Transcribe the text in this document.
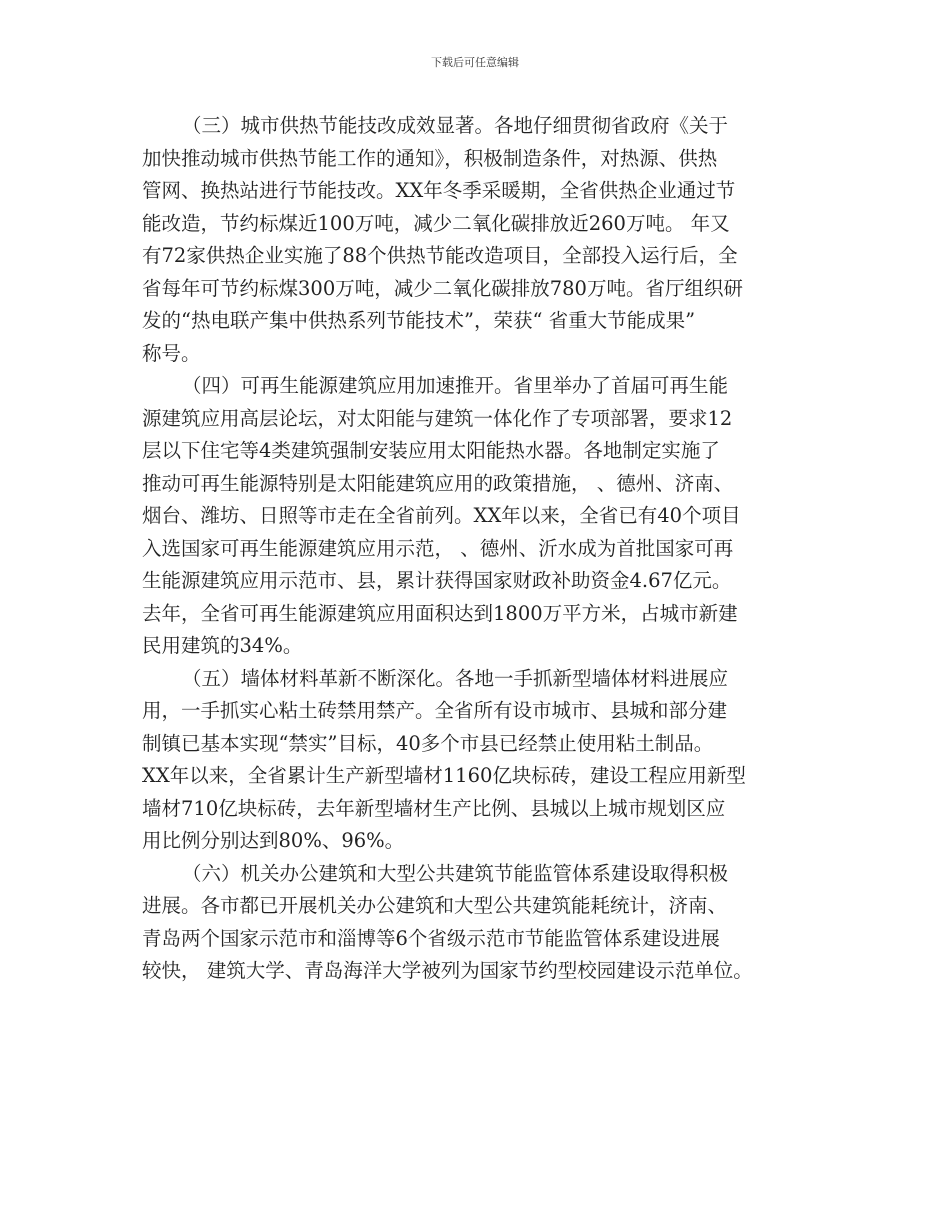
下载后可任意编辑
（三）城市供热节能技改成效显著。各地仔细贯彻省政府《关于
加快推动城市供热节能工作的通知》，积极制造条件，对热源、供热
管网、换热站进行节能技改。XX年冬季采暖期，全省供热企业通过节
能改造，节约标煤近100万吨，减少二氧化碳排放近260万吨。 年又
有72家供热企业实施了88个供热节能改造项目，全部投入运行后，全
省每年可节约标煤300万吨，减少二氧化碳排放780万吨。省厅组织研
发的“热电联产集中供热系列节能技术”，荣获“ 省重大节能成果”
称号。
（四）可再生能源建筑应用加速推开。省里举办了首届可再生能
源建筑应用高层论坛，对太阳能与建筑一体化作了专项部署，要求12
层以下住宅等4类建筑强制安装应用太阳能热水器。各地制定实施了
推动可再生能源特别是太阳能建筑应用的政策措施， 、德州、济南、
烟台、潍坊、日照等市走在全省前列。XX年以来，全省已有40个项目
入选国家可再生能源建筑应用示范， 、德州、沂水成为首批国家可再
生能源建筑应用示范市、县，累计获得国家财政补助资金4.67亿元。
去年，全省可再生能源建筑应用面积达到1800万平方米，占城市新建
民用建筑的34%。
（五）墙体材料革新不断深化。各地一手抓新型墙体材料进展应
用，一手抓实心粘土砖禁用禁产。全省所有设市城市、县城和部分建
制镇已基本实现“禁实”目标，40多个市县已经禁止使用粘土制品。
XX年以来，全省累计生产新型墙材1160亿块标砖，建设工程应用新型
墙材710亿块标砖，去年新型墙材生产比例、县城以上城市规划区应
用比例分别达到80%、96%。
（六）机关办公建筑和大型公共建筑节能监管体系建设取得积极
进展。各市都已开展机关办公建筑和大型公共建筑能耗统计，济南、
青岛两个国家示范市和淄博等6个省级示范市节能监管体系建设进展
较快， 建筑大学、青岛海洋大学被列为国家节约型校园建设示范单位。
